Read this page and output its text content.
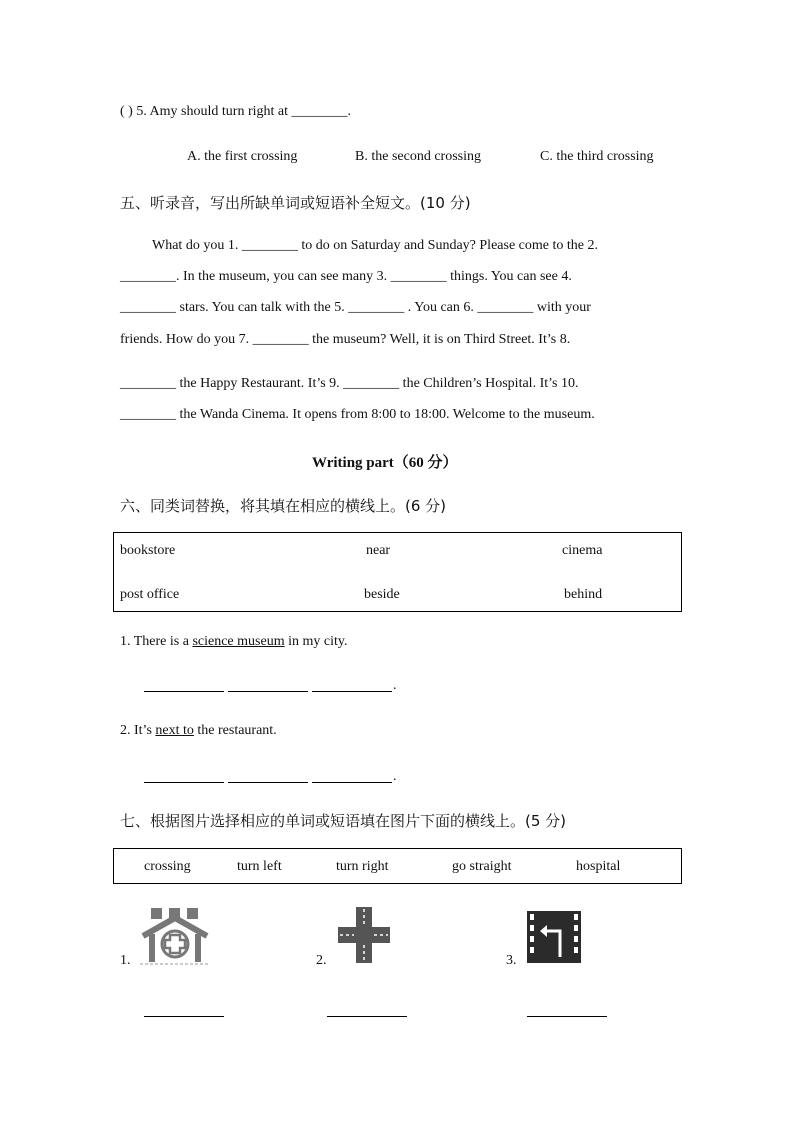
( ) 5. Amy should turn right at ________.
A. the first crossing	B. the second crossing	C. the third crossing
五、听录音，写出所缺单词或短语补全短文。(10 分)
What do you 1. ________ to do on Saturday and Sunday? Please come to the 2.
________. In the museum, you can see many 3. ________ things. You can see 4.
________ stars. You can talk with the 5. ________ . You can 6. ________ with your
friends. How do you 7. ________ the museum? Well, it is on Third Street. It’s 8.
________ the Happy Restaurant. It’s 9. ________ the Children’s Hospital. It’s 10.
________ the Wanda Cinema. It opens from 8:00 to 18:00. Welcome to the museum.
Writing part（60 分）
六、同类词替换，将其填在相应的横线上。(6 分)
bookstore	near	cinema
post office	beside	behind
1. There is a science museum in my city.
.
2. It’s next to the restaurant.
.
七、根据图片选择相应的单词或短语填在图片下面的横线上。(5 分)
crossing	turn left	turn right	go straight	hospital
1.	2.	3.
